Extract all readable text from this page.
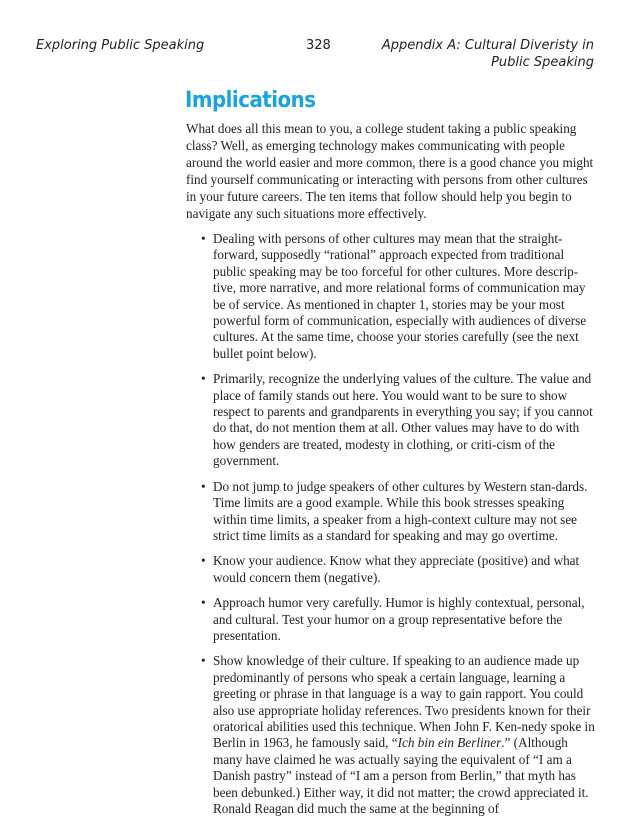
Exploring Public Speaking	328	Appendix A: Cultural Diveristy in Public Speaking
Implications

What does all this mean to you, a college student taking a public speaking class? Well, as emerging technology makes communicating with people around the world easier and more common, there is a good chance you might find yourself communicating or interacting with persons from other cultures in your future careers. The ten items that follow should help you begin to navigate any such situations more effectively.

• Dealing with persons of other cultures may mean that the straight-forward, supposedly “rational” approach expected from traditional public speaking may be too forceful for other cultures. More descrip-tive, more narrative, and more relational forms of communication may be of service. As mentioned in chapter 1, stories may be your most powerful form of communication, especially with audiences of diverse cultures. At the same time, choose your stories carefully (see the next bullet point below).
• Primarily, recognize the underlying values of the culture. The value and place of family stands out here. You would want to be sure to show respect to parents and grandparents in everything you say; if you cannot do that, do not mention them at all. Other values may have to do with how genders are treated, modesty in clothing, or criti-cism of the government.
• Do not jump to judge speakers of other cultures by Western stan-dards. Time limits are a good example. While this book stresses speaking within time limits, a speaker from a high-context culture may not see strict time limits as a standard for speaking and may go overtime.
• Know your audience. Know what they appreciate (positive) and what would concern them (negative).
• Approach humor very carefully. Humor is highly contextual, personal, and cultural. Test your humor on a group representative before the presentation.
• Show knowledge of their culture. If speaking to an audience made up predominantly of persons who speak a certain language, learning a greeting or phrase in that language is a way to gain rapport. You could also use appropriate holiday references. Two presidents known for their oratorical abilities used this technique. When John F. Ken-nedy spoke in Berlin in 1963, he famously said, “Ich bin ein Berliner.” (Although many have claimed he was actually saying the equivalent of “I am a Danish pastry” instead of “I am a person from Berlin,” that myth has been debunked.) Either way, it did not matter; the crowd appreciated it. Ronald Reagan did much the same at the beginning of
